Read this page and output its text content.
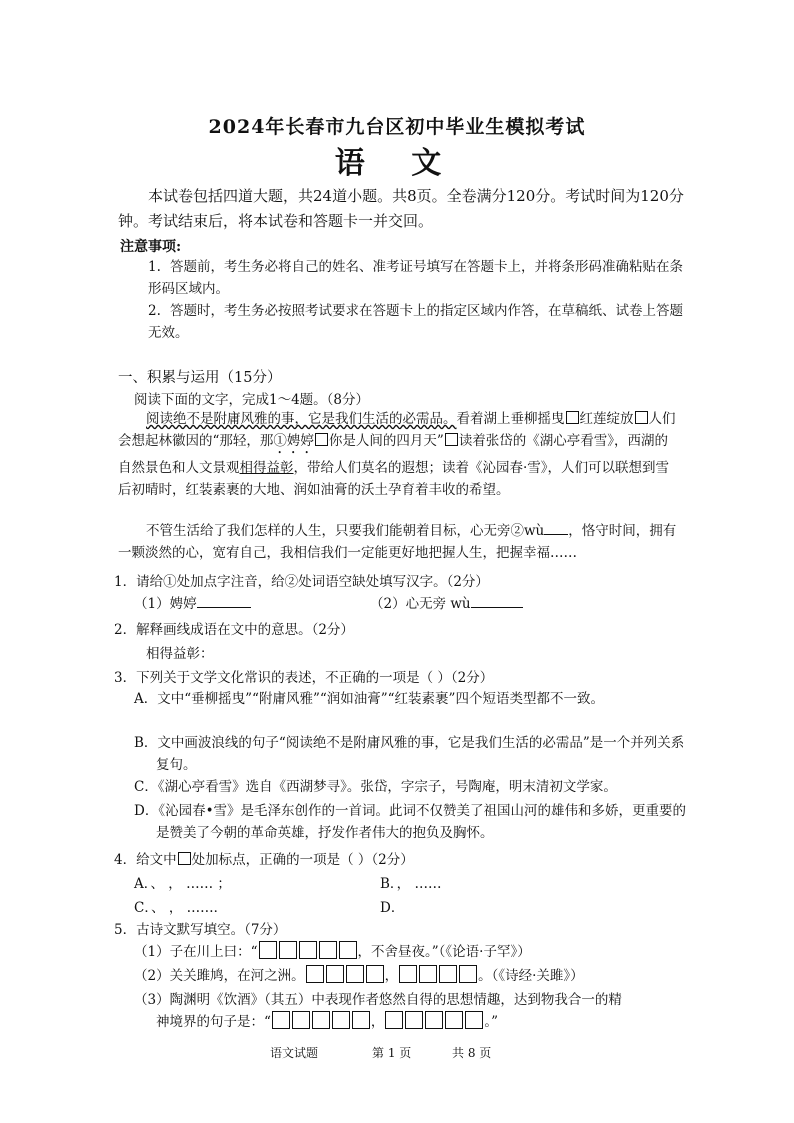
2024年长春市九台区初中毕业生模拟考试
语 文
本试卷包括四道大题，共24道小题。共8页。全卷满分120分。考试时间为120分钟。考试结束后，将本试卷和答题卡一并交回。
注意事项:
1. 答题前，考生务必将自己的姓名、准考证号填写在答题卡上，并将条形码准确粘贴在条形码区域内。
2. 答题时，考生务必按照考试要求在答题卡上的指定区域内作答，在草稿纸、试卷上答题无效。
一、积累与运用（15分）
阅读下面的文字，完成1～4题。（8分）
阅读绝不是附庸风雅的事，它是我们生活的必需品。看着湖上垂柳摇曳 红莲绽放 人们会想起林徽因的“那轻，那①娉婷 你是人间的四月天” 读着张岱的《湖心亭看雪》，西湖的自然景色和人文景观相得益彰，带给人们莫名的遐想；读着《沁园春·雪》，人们可以联想到雪后初晴时，红装素裹的大地、润如油膏的沃土孕育着丰收的希望。
不管生活给了我们怎样的人生，只要我们能朝着目标，心无旁②wù ，恪守时间，拥有一颗淡然的心，宽宥自己，我相信我们一定能更好地把握人生，把握幸福……
1．请给①处加点字注音，给②处词语空缺处填写汉字。（2分）
（1）娉婷	（2）心无旁 wù
2．解释画线成语在文中的意思。（2分）
相得益彰：
3．下列关于文学文化常识的表述，不正确的一项是（ ）（2分）
A．文中“垂柳摇曳”“附庸风雅”“润如油膏”“红装素裹”四个短语类型都不一致。
B．文中画波浪线的句子“阅读绝不是附庸风雅的事，它是我们生活的必需品”是一个并列关系复句。
C．《湖心亭看雪》选自《西湖梦寻》。张岱，字宗子，号陶庵，明末清初文学家。
D．《沁园春•雪》是毛泽东创作的一首词。此词不仅赞美了祖国山河的雄伟和多娇，更重要的是赞美了今朝的革命英雄，抒发作者伟大的抱负及胸怀。
4．给文中 处加标点，正确的一项是（ ）（2分）
A．、 ， …… ；	B．， ……
C．、 ， ……．	D．
5．古诗文默写填空。（7分）
（1）子在川上曰：“	，不舍昼夜。”（《论语·子罕》）
（2）关关雎鸠，在河之洲。	，	。（《诗经·关雎》）
（3）陶渊明《饮酒》（其五）中表现作者悠然自得的思想情趣，达到物我合一的精
神境界的句子是：“	，	。”
语文试题	第 1 页	共 8 页
